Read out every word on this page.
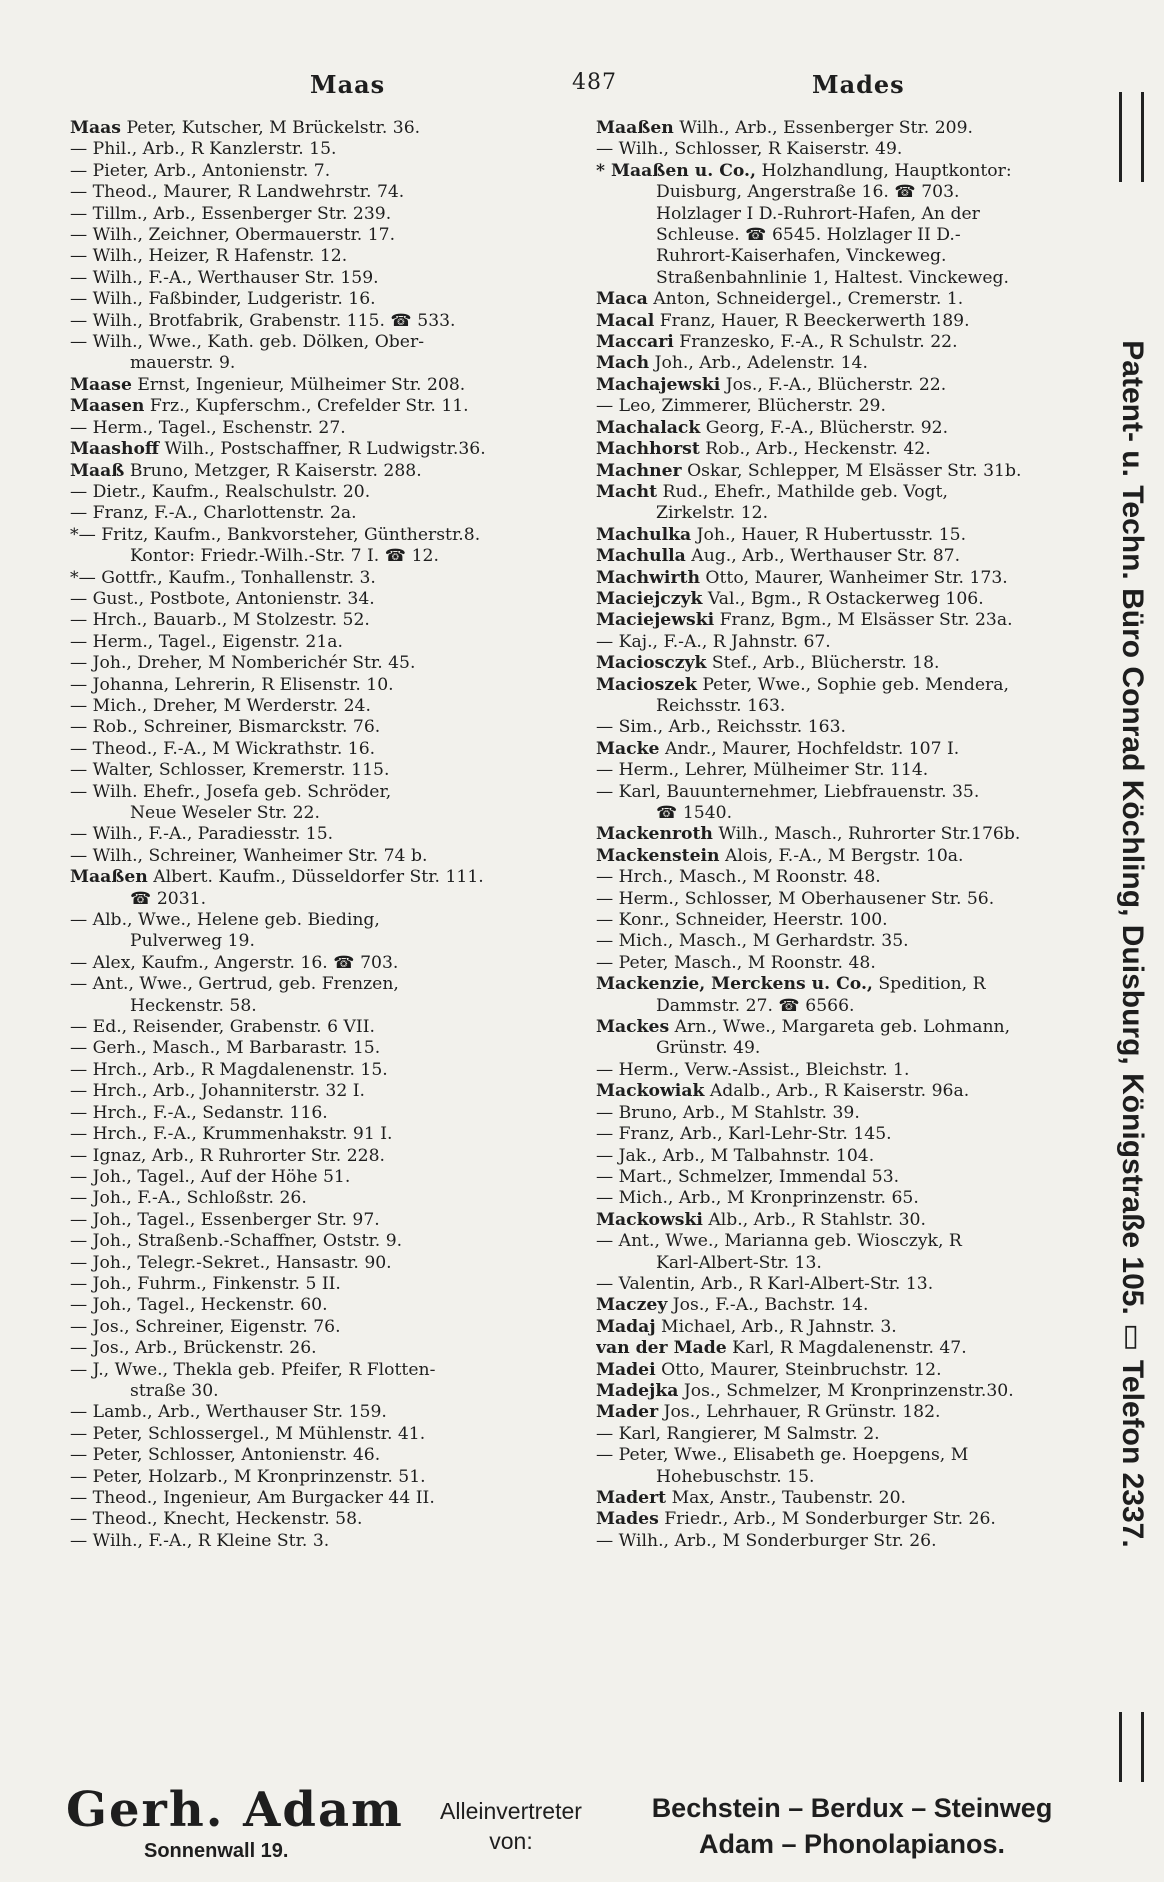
Maas	487	Mades
Maas Peter, Kutscher, M Brückelstr. 36.
— Phil., Arb., R Kanzlerstr. 15.
— Pieter, Arb., Antonienstr. 7.
— Theod., Maurer, R Landwehrstr. 74.
— Tillm., Arb., Essenberger Str. 239.
— Wilh., Zeichner, Obermauerstr. 17.
— Wilh., Heizer, R Hafenstr. 12.
— Wilh., F.-A., Werthauser Str. 159.
— Wilh., Faßbinder, Ludgeristr. 16.
— Wilh., Brotfabrik, Grabenstr. 115. ☎ 533.
— Wilh., Wwe., Kath. geb. Dölken, Ober-
mauerstr. 9.
Maase Ernst, Ingenieur, Mülheimer Str. 208.
Maasen Frz., Kupferschm., Crefelder Str. 11.
— Herm., Tagel., Eschenstr. 27.
Maashoff Wilh., Postschaffner, R Ludwigstr.36.
Maaß Bruno, Metzger, R Kaiserstr. 288.
— Dietr., Kaufm., Realschulstr. 20.
— Franz, F.-A., Charlottenstr. 2a.
*— Fritz, Kaufm., Bankvorsteher, Güntherstr.8.
Kontor: Friedr.-Wilh.-Str. 7 I. ☎ 12.
*— Gottfr., Kaufm., Tonhallenstr. 3.
— Gust., Postbote, Antonienstr. 34.
— Hrch., Bauarb., M Stolzestr. 52.
— Herm., Tagel., Eigenstr. 21a.
— Joh., Dreher, M Nomberichér Str. 45.
— Johanna, Lehrerin, R Elisenstr. 10.
— Mich., Dreher, M Werderstr. 24.
— Rob., Schreiner, Bismarckstr. 76.
— Theod., F.-A., M Wickrathstr. 16.
— Walter, Schlosser, Kremerstr. 115.
— Wilh. Ehefr., Josefa geb. Schröder,
Neue Weseler Str. 22.
— Wilh., F.-A., Paradiesstr. 15.
— Wilh., Schreiner, Wanheimer Str. 74 b.
Maaßen Albert. Kaufm., Düsseldorfer Str. 111.
☎ 2031.
— Alb., Wwe., Helene geb. Bieding,
Pulverweg 19.
— Alex, Kaufm., Angerstr. 16. ☎ 703.
— Ant., Wwe., Gertrud, geb. Frenzen,
Heckenstr. 58.
— Ed., Reisender, Grabenstr. 6 VII.
— Gerh., Masch., M Barbarastr. 15.
— Hrch., Arb., R Magdalenenstr. 15.
— Hrch., Arb., Johanniterstr. 32 I.
— Hrch., F.-A., Sedanstr. 116.
— Hrch., F.-A., Krummenhakstr. 91 I.
— Ignaz, Arb., R Ruhrorter Str. 228.
— Joh., Tagel., Auf der Höhe 51.
— Joh., F.-A., Schloßstr. 26.
— Joh., Tagel., Essenberger Str. 97.
— Joh., Straßenb.-Schaffner, Oststr. 9.
— Joh., Telegr.-Sekret., Hansastr. 90.
— Joh., Fuhrm., Finkenstr. 5 II.
— Joh., Tagel., Heckenstr. 60.
— Jos., Schreiner, Eigenstr. 76.
— Jos., Arb., Brückenstr. 26.
— J., Wwe., Thekla geb. Pfeifer, R Flotten-
straße 30.
— Lamb., Arb., Werthauser Str. 159.
— Peter, Schlossergel., M Mühlenstr. 41.
— Peter, Schlosser, Antonienstr. 46.
— Peter, Holzarb., M Kronprinzenstr. 51.
— Theod., Ingenieur, Am Burgacker 44 II.
— Theod., Knecht, Heckenstr. 58.
— Wilh., F.-A., R Kleine Str. 3.
Maaßen Wilh., Arb., Essenberger Str. 209.
— Wilh., Schlosser, R Kaiserstr. 49.
* Maaßen u. Co., Holzhandlung, Hauptkontor:
Duisburg, Angerstraße 16. ☎ 703.
Holzlager I D.-Ruhrort-Hafen, An der
Schleuse. ☎ 6545. Holzlager II D.-
Ruhrort-Kaiserhafen, Vinckeweg.
Straßenbahnlinie 1, Haltest. Vinckeweg.
Maca Anton, Schneidergel., Cremerstr. 1.
Macal Franz, Hauer, R Beeckerwerth 189.
Maccari Franzesko, F.-A., R Schulstr. 22.
Mach Joh., Arb., Adelenstr. 14.
Machajewski Jos., F.-A., Blücherstr. 22.
— Leo, Zimmerer, Blücherstr. 29.
Machalack Georg, F.-A., Blücherstr. 92.
Machhorst Rob., Arb., Heckenstr. 42.
Machner Oskar, Schlepper, M Elsässer Str. 31b.
Macht Rud., Ehefr., Mathilde geb. Vogt,
Zirkelstr. 12.
Machulka Joh., Hauer, R Hubertusstr. 15.
Machulla Aug., Arb., Werthauser Str. 87.
Machwirth Otto, Maurer, Wanheimer Str. 173.
Maciejczyk Val., Bgm., R Ostackerweg 106.
Maciejewski Franz, Bgm., M Elsässer Str. 23a.
— Kaj., F.-A., R Jahnstr. 67.
Maciosczyk Stef., Arb., Blücherstr. 18.
Macioszek Peter, Wwe., Sophie geb. Mendera,
Reichsstr. 163.
— Sim., Arb., Reichsstr. 163.
Macke Andr., Maurer, Hochfeldstr. 107 I.
— Herm., Lehrer, Mülheimer Str. 114.
— Karl, Bauunternehmer, Liebfrauenstr. 35.
☎ 1540.
Mackenroth Wilh., Masch., Ruhrorter Str.176b.
Mackenstein Alois, F.-A., M Bergstr. 10a.
— Hrch., Masch., M Roonstr. 48.
— Herm., Schlosser, M Oberhausener Str. 56.
— Konr., Schneider, Heerstr. 100.
— Mich., Masch., M Gerhardstr. 35.
— Peter, Masch., M Roonstr. 48.
Mackenzie, Merckens u. Co., Spedition, R
Dammstr. 27. ☎ 6566.
Mackes Arn., Wwe., Margareta geb. Lohmann,
Grünstr. 49.
— Herm., Verw.-Assist., Bleichstr. 1.
Mackowiak Adalb., Arb., R Kaiserstr. 96a.
— Bruno, Arb., M Stahlstr. 39.
— Franz, Arb., Karl-Lehr-Str. 145.
— Jak., Arb., M Talbahnstr. 104.
— Mart., Schmelzer, Immendal 53.
— Mich., Arb., M Kronprinzenstr. 65.
Mackowski Alb., Arb., R Stahlstr. 30.
— Ant., Wwe., Marianna geb. Wiosczyk, R
Karl-Albert-Str. 13.
— Valentin, Arb., R Karl-Albert-Str. 13.
Maczey Jos., F.-A., Bachstr. 14.
Madaj Michael, Arb., R Jahnstr. 3.
van der Made Karl, R Magdalenenstr. 47.
Madei Otto, Maurer, Steinbruchstr. 12.
Madejka Jos., Schmelzer, M Kronprinzenstr.30.
Mader Jos., Lehrhauer, R Grünstr. 182.
— Karl, Rangierer, M Salmstr. 2.
— Peter, Wwe., Elisabeth ge. Hoepgens, M
Hohebuschstr. 15.
Madert Max, Anstr., Taubenstr. 20.
Mades Friedr., Arb., M Sonderburger Str. 26.
— Wilh., Arb., M Sonderburger Str. 26.	Patent- u. Techn. Büro Conrad Köchling, Duisburg, Königstraße 105. ▭ Telefon 2337.
Gerh. Adam
Sonnenwall 19.
Alleinvertreter
von:
Bechstein – Berdux – Steinweg
Adam – Phonolapianos.
